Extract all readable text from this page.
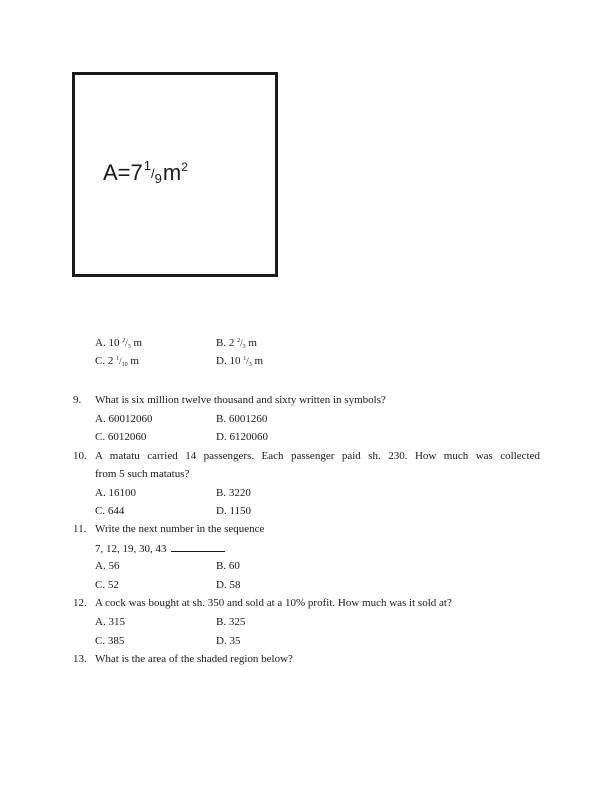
$A=7^1/9m^2$
A. 10 $^2$/3 m	B. 2 $^2$/3 m
C. 2 $^1$/10 m	D. 10 $^1$/3 m
9. What is six million twelve thousand and sixty written in symbols?
A. 60012060	B. 6001260
C. 6012060	D. 6120060
10. A matatu carried 14 passengers. Each passenger paid sh. 230. How much was collected
from 5 such matatus?
A. 16100	B. 3220
C. 644	D. 1150
11. Write the next number in the sequence
7, 12, 19, 30, 43
A. 56	B. 60
C. 52	D. 58
12. A cock was bought at sh. 350 and sold at a 10% profit. How much was it sold at?
A. 315	B. 325
C. 385	D. 35
13. What is the area of the shaded region below?
